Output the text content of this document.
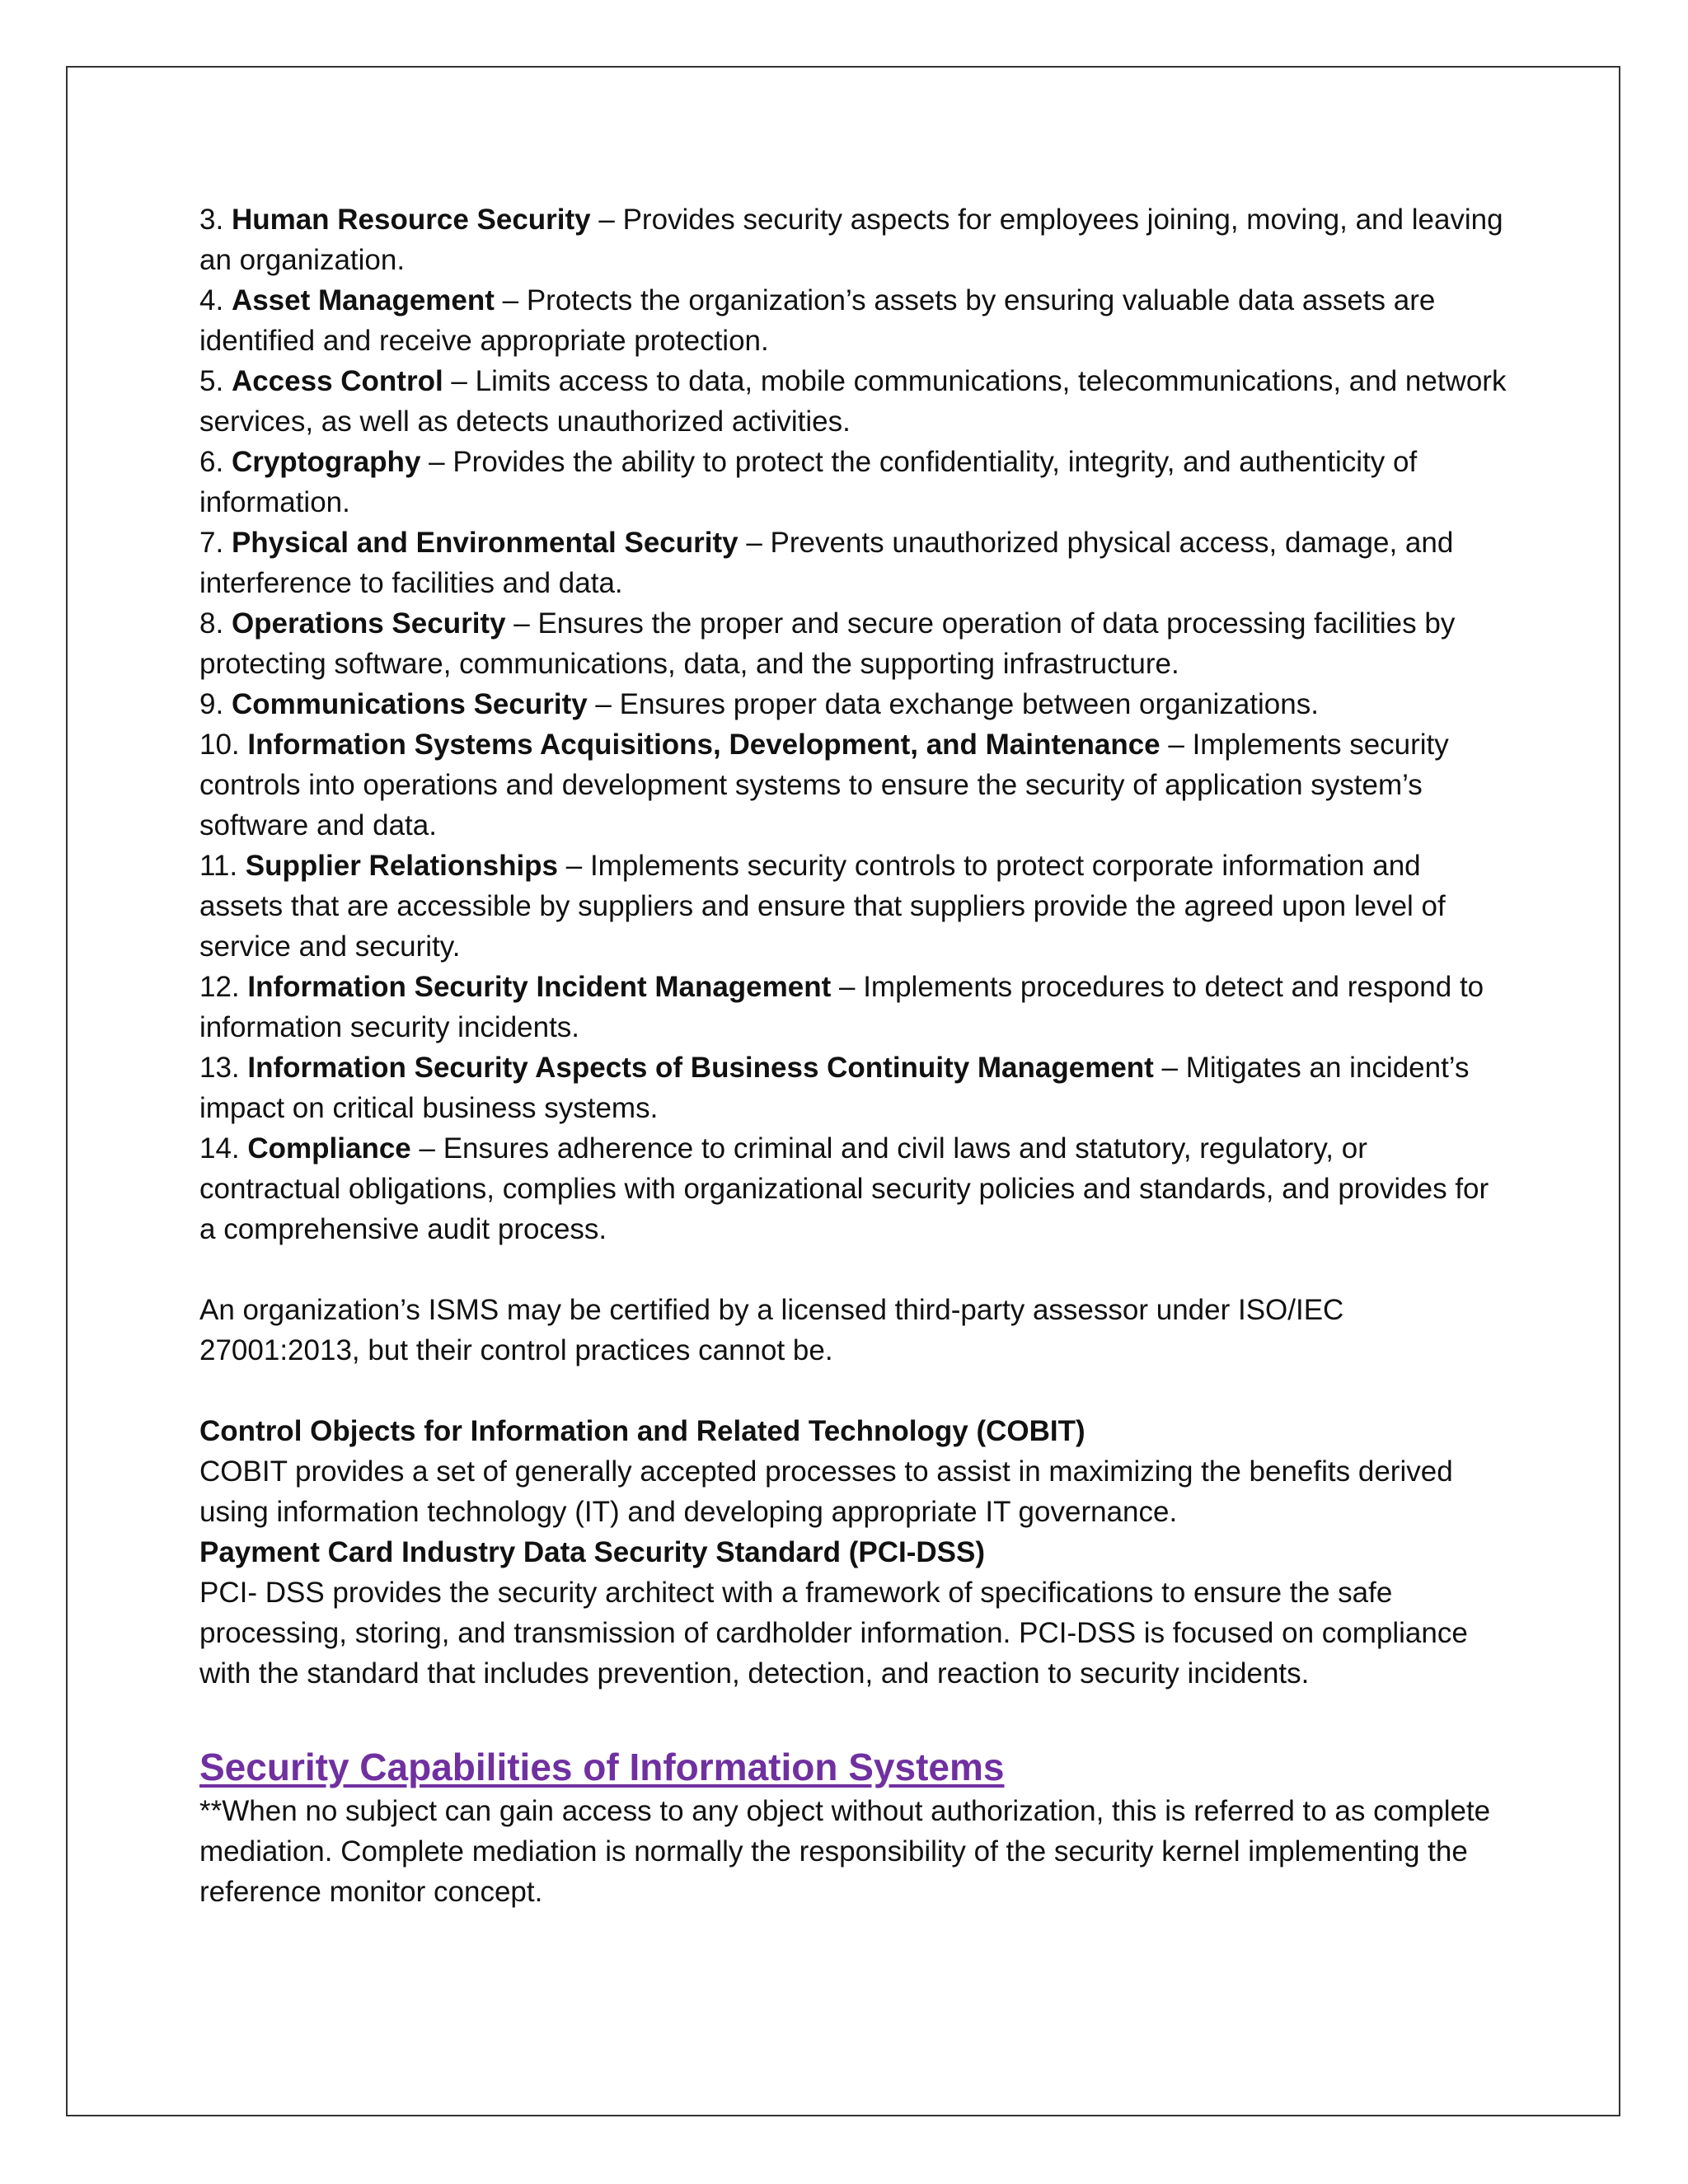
3. Human Resource Security – Provides security aspects for employees joining, moving, and leaving an organization.

4. Asset Management – Protects the organization’s assets by ensuring valuable data assets are identified and receive appropriate protection.

5. Access Control – Limits access to data, mobile communications, telecommunications, and network services, as well as detects unauthorized activities.

6. Cryptography – Provides the ability to protect the confidentiality, integrity, and authenticity of information.

7. Physical and Environmental Security – Prevents unauthorized physical access, damage, and interference to facilities and data.

8. Operations Security – Ensures the proper and secure operation of data processing facilities by protecting software, communications, data, and the supporting infrastructure.

9. Communications Security – Ensures proper data exchange between organizations.

10. Information Systems Acquisitions, Development, and Maintenance – Implements security controls into operations and development systems to ensure the security of application system’s software and data.

11. Supplier Relationships – Implements security controls to protect corporate information and assets that are accessible by suppliers and ensure that suppliers provide the agreed upon level of service and security.

12. Information Security Incident Management – Implements procedures to detect and respond to information security incidents.

13. Information Security Aspects of Business Continuity Management – Mitigates an incident’s impact on critical business systems.

14. Compliance – Ensures adherence to criminal and civil laws and statutory, regulatory, or contractual obligations, complies with organizational security policies and standards, and provides for a comprehensive audit process.

An organization’s ISMS may be certified by a licensed third-party assessor under ISO/IEC 27001:2013, but their control practices cannot be.

Control Objects for Information and Related Technology (COBIT)

COBIT provides a set of generally accepted processes to assist in maximizing the benefits derived using information technology (IT) and developing appropriate IT governance.

Payment Card Industry Data Security Standard (PCI-DSS)

PCI- DSS provides the security architect with a framework of specifications to ensure the safe processing, storing, and transmission of cardholder information. PCI-DSS is focused on compliance with the standard that includes prevention, detection, and reaction to security incidents.

Security Capabilities of Information Systems

**When no subject can gain access to any object without authorization, this is referred to as complete mediation. Complete mediation is normally the responsibility of the security kernel implementing the reference monitor concept.
